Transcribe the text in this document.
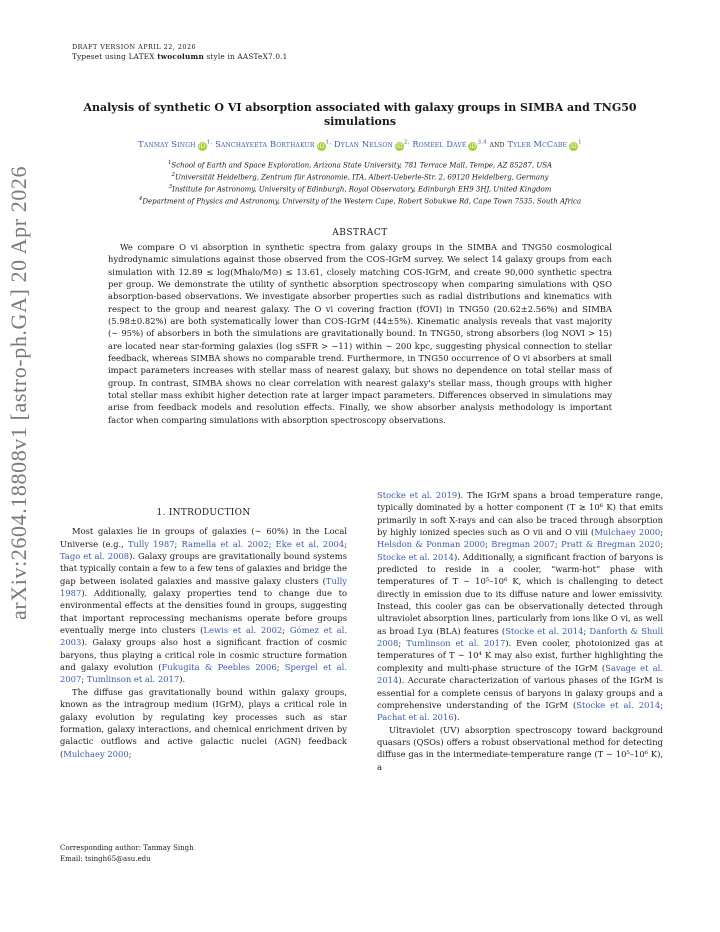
DRAFT VERSION APRIL 22, 2026
Typeset using LATEX twocolumn style in AASTeX7.0.1
arXiv:2604.18808v1 [astro-ph.GA] 20 Apr 2026
Analysis of synthetic O VI absorption associated with galaxy groups in SIMBA and TNG50
simulations
Tanmay Singh $iD^{1,}$ Sanchayeeta Borthakur $iD^{1,}$ Dylan Nelson $iD^{2,}$ Romeel Davé iD$^{3,4}$ and Tyler McCabe $iD^1$
$^1$School of Earth and Space Exploration, Arizona State University, 781 Terrace Mall, Tempe, AZ 85287, USA
$^2$Universität Heidelberg, Zentrum für Astronomie, ITA, Albert-Ueberle-Str. 2, 69120 Heidelberg, Germany
$^3$Institute for Astronomy, University of Edinburgh, Royal Observatory, Edinburgh EH9 3HJ, United Kingdom
$^4$Department of Physics and Astronomy, University of the Western Cape, Robert Sobukwe Rd, Cape Town 7535, South Africa
ABSTRACT
We compare O vi absorption in synthetic spectra from galaxy groups in the SIMBA and TNG50 cosmological hydrodynamic simulations against those observed from the COS-IGrM survey. We select 14 galaxy groups from each simulation with 12.89 ≤ log(Mhalo/M⊙) ≤ 13.61, closely matching COS-IGrM, and create 90,000 synthetic spectra per group. We demonstrate the utility of synthetic absorption spectroscopy when comparing simulations with QSO absorption-based observations. We investigate absorber properties such as radial distributions and kinematics with respect to the group and nearest galaxy. The O vi covering fraction (fOVI) in TNG50 (20.62±2.56%) and SIMBA (5.98±0.82%) are both systematically lower than COS-IGrM (44±5%). Kinematic analysis reveals that vast majority (∼ 95%) of absorbers in both the simulations are gravitationally bound. In TNG50, strong absorbers (log NOVI > 15) are located near star-forming galaxies (log sSFR > −11) within ∼ 200 kpc, suggesting physical connection to stellar feedback, whereas SIMBA shows no comparable trend. Furthermore, in TNG50 occurrence of O vi absorbers at small impact parameters increases with stellar mass of nearest galaxy, but shows no dependence on total stellar mass of group. In contrast, SIMBA shows no clear correlation with nearest galaxy's stellar mass, though groups with higher total stellar mass exhibit higher detection rate at larger impact parameters. Differences observed in simulations may arise from feedback models and resolution effects. Finally, we show absorber analysis methodology is important factor when comparing simulations with absorption spectroscopy observations.
1. INTRODUCTION

Most galaxies lie in groups of galaxies (∼ 60%) in the Local Universe (e.g., Tully 1987; Ramella et al. 2002; Eke et al. 2004; Tago et al. 2008). Galaxy groups are gravitationally bound systems that typically contain a few to a few tens of galaxies and bridge the gap between isolated galaxies and massive galaxy clusters (Tully 1987). Additionally, galaxy properties tend to change due to environmental effects at the densities found in groups, suggesting that important reprocessing mechanisms operate before groups eventually merge into clusters (Lewis et al. 2002; Gómez et al. 2003). Galaxy groups also host a significant fraction of cosmic baryons, thus playing a critical role in cosmic structure formation and galaxy evolution (Fukugita & Peebles 2006; Spergel et al. 2007; Tumlinson et al. 2017).

The diffuse gas gravitationally bound within galaxy groups, known as the intragroup medium (IGrM), plays a critical role in galaxy evolution by regulating key processes such as star formation, galaxy interactions, and chemical enrichment driven by galactic outflows and active galactic nuclei (AGN) feedback (Mulchaey 2000;

Stocke et al. 2019). The IGrM spans a broad temperature range, typically dominated by a hotter component (T ≳ 10⁶ K) that emits primarily in soft X-rays and can also be traced through absorption by highly ionized species such as O vii and O viii (Mulchaey 2000; Helsdon & Ponman 2000; Bregman 2007; Pratt & Bregman 2020; Stocke et al. 2014). Additionally, a significant fraction of baryons is predicted to reside in a cooler, “warm-hot” phase with temperatures of T ∼ 10⁵–10⁶ K, which is challenging to detect directly in emission due to its diffuse nature and lower emissivity. Instead, this cooler gas can be observationally detected through ultraviolet absorption lines, particularly from ions like O vi, as well as broad Lyα (BLA) features (Stocke et al. 2014; Danforth & Shull 2008; Tumlinson et al. 2017). Even cooler, photoionized gas at temperatures of T ∼ 10⁴ K may also exist, further highlighting the complexity and multi-phase structure of the IGrM (Savage et al. 2014). Accurate characterization of various phases of the IGrM is essential for a complete census of baryons in galaxy groups and a comprehensive understanding of the IGrM (Stocke et al. 2014; Pachat et al. 2016).

Ultraviolet (UV) absorption spectroscopy toward background quasars (QSOs) offers a robust observational method for detecting diffuse gas in the intermediate-temperature range (T ∼ 10⁵–10⁶ K), a

Corresponding author: Tanmay Singh
Email: tsingh65@asu.edu
